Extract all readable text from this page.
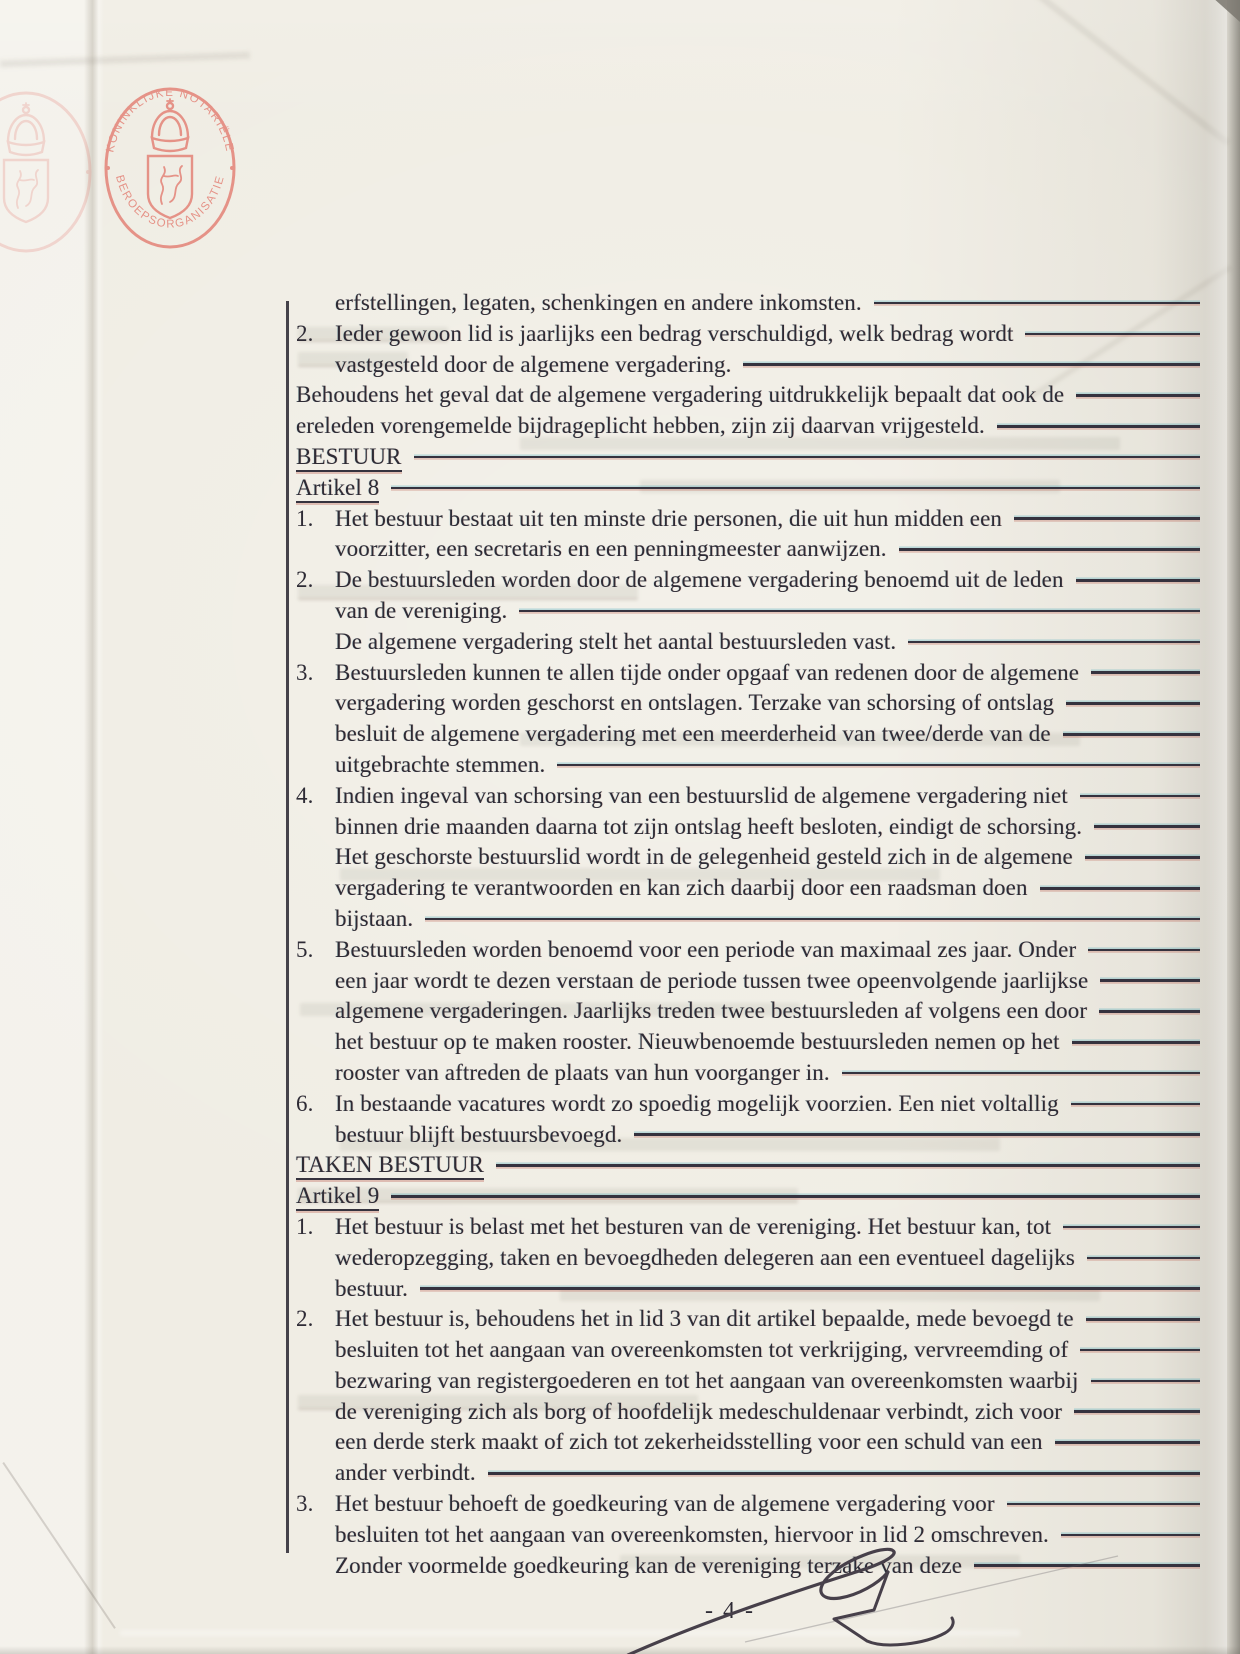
KONINKLIJKE NOTARIËLE
BEROEPSORGANISATIE
erfstellingen, legaten, schenkingen en andere inkomsten.
2. Ieder gewoon lid is jaarlijks een bedrag verschuldigd, welk bedrag wordt
vastgesteld door de algemene vergadering.
Behoudens het geval dat de algemene vergadering uitdrukkelijk bepaalt dat ook de
ereleden vorengemelde bijdrageplicht hebben, zijn zij daarvan vrijgesteld.
BESTUUR
Artikel 8
1. Het bestuur bestaat uit ten minste drie personen, die uit hun midden een
voorzitter, een secretaris en een penningmeester aanwijzen.
2. De bestuursleden worden door de algemene vergadering benoemd uit de leden
van de vereniging.
De algemene vergadering stelt het aantal bestuursleden vast.
3. Bestuursleden kunnen te allen tijde onder opgaaf van redenen door de algemene
vergadering worden geschorst en ontslagen. Terzake van schorsing of ontslag
besluit de algemene vergadering met een meerderheid van twee/derde van de
uitgebrachte stemmen.
4. Indien ingeval van schorsing van een bestuurslid de algemene vergadering niet
binnen drie maanden daarna tot zijn ontslag heeft besloten, eindigt de schorsing.
Het geschorste bestuurslid wordt in de gelegenheid gesteld zich in de algemene
vergadering te verantwoorden en kan zich daarbij door een raadsman doen
bijstaan.
5. Bestuursleden worden benoemd voor een periode van maximaal zes jaar. Onder
een jaar wordt te dezen verstaan de periode tussen twee opeenvolgende jaarlijkse
algemene vergaderingen. Jaarlijks treden twee bestuursleden af volgens een door
het bestuur op te maken rooster. Nieuwbenoemde bestuursleden nemen op het
rooster van aftreden de plaats van hun voorganger in.
6. In bestaande vacatures wordt zo spoedig mogelijk voorzien. Een niet voltallig
bestuur blijft bestuursbevoegd.
TAKEN BESTUUR
Artikel 9
1. Het bestuur is belast met het besturen van de vereniging. Het bestuur kan, tot
wederopzegging, taken en bevoegdheden delegeren aan een eventueel dagelijks
bestuur.
2. Het bestuur is, behoudens het in lid 3 van dit artikel bepaalde, mede bevoegd te
besluiten tot het aangaan van overeenkomsten tot verkrijging, vervreemding of
bezwaring van registergoederen en tot het aangaan van overeenkomsten waarbij
de vereniging zich als borg of hoofdelijk medeschuldenaar verbindt, zich voor
een derde sterk maakt of zich tot zekerheidsstelling voor een schuld van een
ander verbindt.
3. Het bestuur behoeft de goedkeuring van de algemene vergadering voor
besluiten tot het aangaan van overeenkomsten, hiervoor in lid 2 omschreven.
Zonder voormelde goedkeuring kan de vereniging terzake van deze
- 4 -
